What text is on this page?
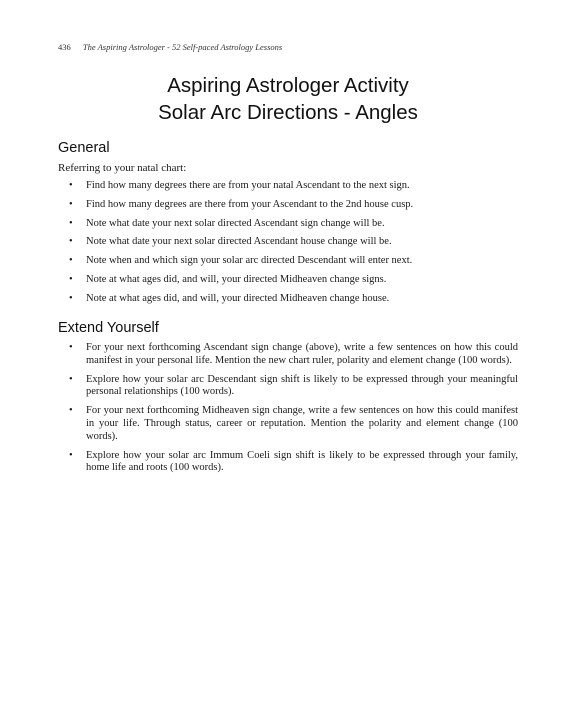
436 The Aspiring Astrologer - 52 Self-paced Astrology Lessons
Aspiring Astrologer Activity
Solar Arc Directions - Angles
General

Referring to your natal chart:

• Find how many degrees there are from your natal Ascendant to the next sign.
• Find how many degrees are there from your Ascendant to the 2nd house cusp.
• Note what date your next solar directed Ascendant sign change will be.
• Note what date your next solar directed Ascendant house change will be.
• Note when and which sign your solar arc directed Descendant will enter next.
• Note at what ages did, and will, your directed Midheaven change signs.
• Note at what ages did, and will, your directed Midheaven change house.
Extend Yourself
• For your next forthcoming Ascendant sign change (above), write a few sentences on how this could manifest in your personal life. Mention the new chart ruler, polarity and element change (100 words).
• Explore how your solar arc Descendant sign shift is likely to be expressed through your meaningful personal relationships (100 words).
• For your next forthcoming Midheaven sign change, write a few sentences on how this could manifest in your life. Through status, career or reputation. Mention the polarity and element change (100 words).
• Explore how your solar arc Immum Coeli sign shift is likely to be expressed through your family, home life and roots (100 words).
